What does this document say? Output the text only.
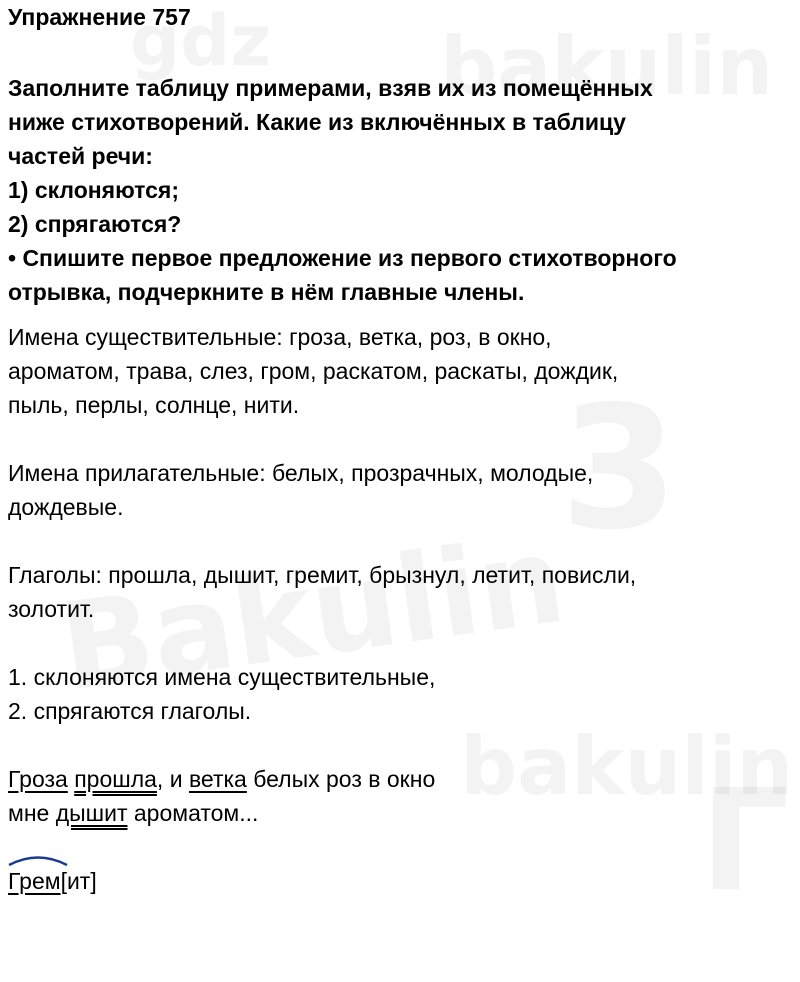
Упражнение 757
Заполните таблицу примерами, взяв их из помещённых
ниже стихотворений. Какие из включённых в таблицу
частей речи:
1) склоняются;
2) спрягаются?
• Спишите первое предложение из первого стихотворного
отрывка, подчеркните в нём главные члены.
Имена существительные: гроза, ветка, роз, в окно,
ароматом, трава, слез, гром, раскатом, раскаты, дождик,
пыль, перлы, солнце, нити.
Имена прилагательные: белых, прозрачных, молодые,
дождевые.
Глаголы: прошла, дышит, гремит, брызнул, летит, повисли,
золотит.
1. склоняются имена существительные,
2. спрягаются глаголы.
Гроза прошла, и ветка белых роз в окно
мне дышит ароматом...
Грем[ит]
